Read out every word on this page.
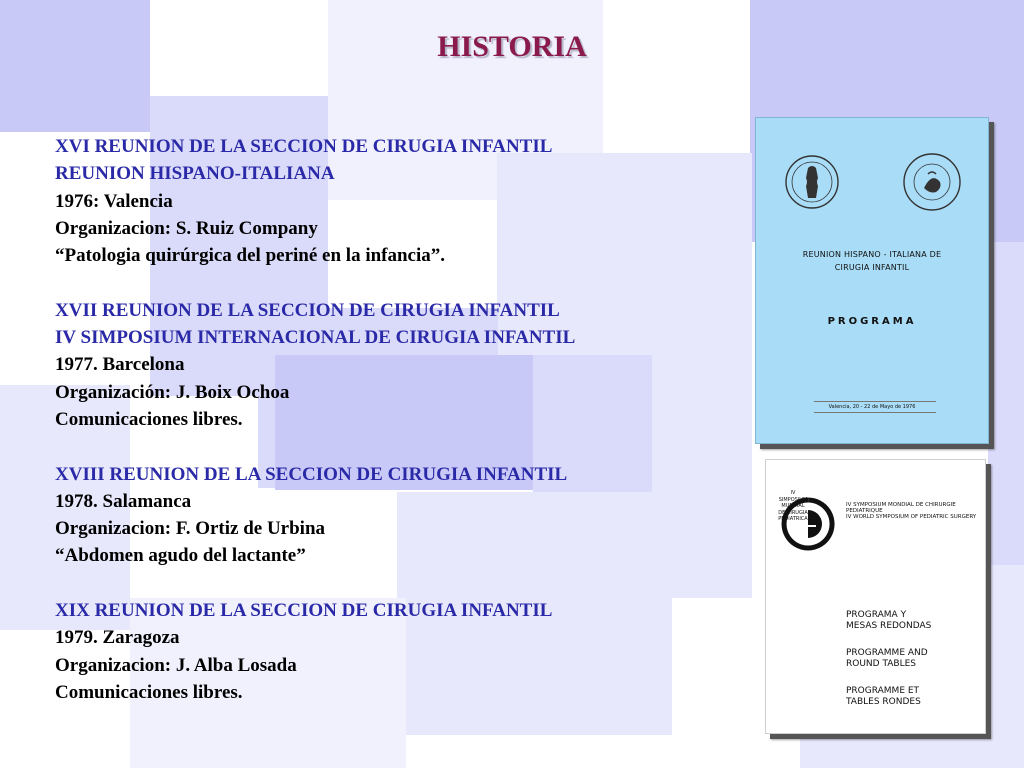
HISTORIA
XVI REUNION DE LA SECCION DE CIRUGIA INFANTIL
REUNION HISPANO-ITALIANA
1976: Valencia
Organizacion: S. Ruiz Company
“Patologia quirúrgica del periné en la infancia”.
XVII REUNION DE LA SECCION DE CIRUGIA INFANTIL
IV SIMPOSIUM INTERNACIONAL DE CIRUGIA INFANTIL
1977. Barcelona
Organización: J. Boix Ochoa
Comunicaciones libres.
XVIII REUNION DE LA SECCION DE CIRUGIA INFANTIL
1978. Salamanca
Organizacion: F. Ortiz de Urbina
“Abdomen agudo del lactante”
XIX REUNION DE LA SECCION DE CIRUGIA INFANTIL
1979. Zaragoza
Organizacion: J. Alba Losada
Comunicaciones libres.
REUNION HISPANO - ITALIANA DE
CIRUGIA INFANTIL
PROGRAMA
Valencia, 20 - 22 de Mayo de 1976
IV
SIMPOSIUM
MUNDIAL
DE CIRUGIA
PEDIATRICA
IV SYMPOSIUM MONDIAL DE CHIRURGIE PEDIATRIQUE
IV WORLD SYMPOSIUM OF PEDIATRIC SURGERY
PROGRAMA Y
MESAS REDONDAS
PROGRAMME AND
ROUND TABLES
PROGRAMME ET
TABLES RONDES
